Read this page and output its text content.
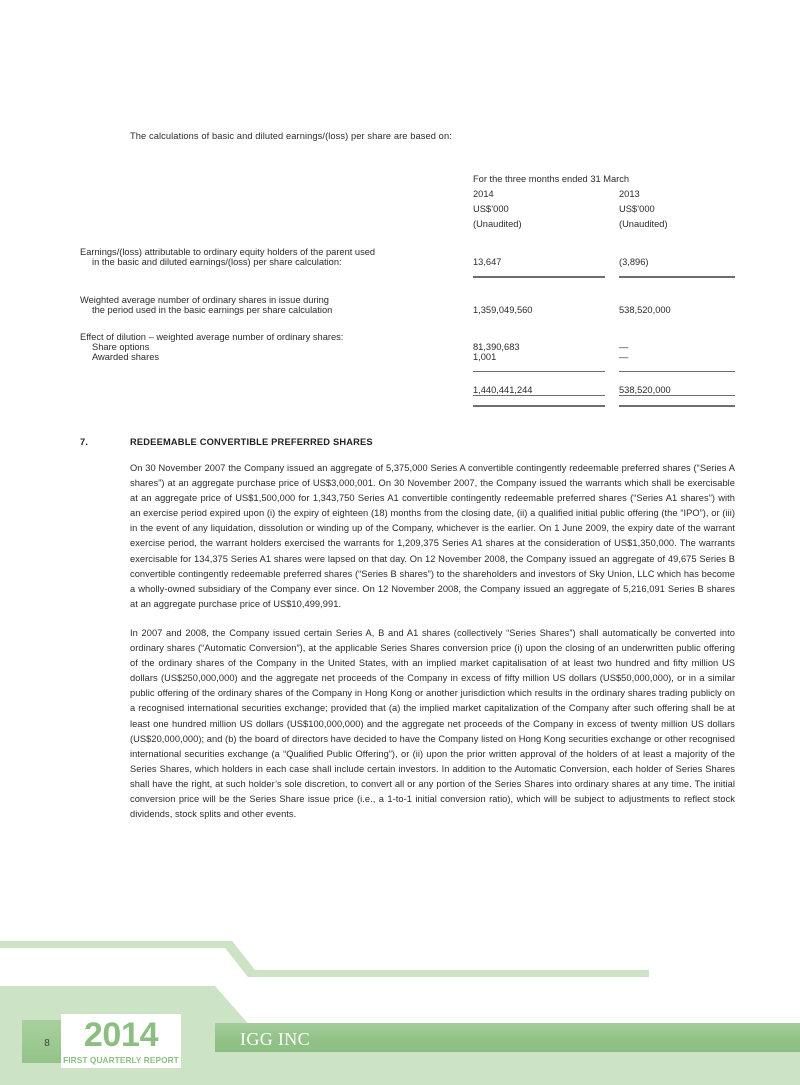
The calculations of basic and diluted earnings/(loss) per share are based on:

	For the three months ended 31 March		
	2014		2013
	US$’000		US$’000
	(Unaudited)		(Unaudited)

Earnings/(loss) attributable to ordinary equity holders of the parent used			
in the basic and diluted earnings/(loss) per share calculation:	13,647		(3,896)

Weighted average number of ordinary shares in issue during			
the period used in the basic earnings per share calculation	1,359,049,560		538,520,000

Effect of dilution – weighted average number of ordinary shares:			
Share options	81,390,683		—
Awarded shares	1,001		—

	1,440,441,244		538,520,000

7.	REDEEMABLE CONVERTIBLE PREFERRED SHARES

On 30 November 2007 the Company issued an aggregate of 5,375,000 Series A convertible contingently redeemable preferred shares (“Series A shares”) at an aggregate purchase price of US$3,000,001. On 30 November 2007, the Company issued the warrants which shall be exercisable at an aggregate price of US$1,500,000 for 1,343,750 Series A1 convertible contingently redeemable preferred shares (“Series A1 shares”) with an exercise period expired upon (i) the expiry of eighteen (18) months from the closing date, (ii) a qualified initial public offering (the “IPO”), or (iii) in the event of any liquidation, dissolution or winding up of the Company, whichever is the earlier. On 1 June 2009, the expiry date of the warrant exercise period, the warrant holders exercised the warrants for 1,209,375 Series A1 shares at the consideration of US$1,350,000. The warrants exercisable for 134,375 Series A1 shares were lapsed on that day. On 12 November 2008, the Company issued an aggregate of 49,675 Series B convertible contingently redeemable preferred shares (“Series B shares”) to the shareholders and investors of Sky Union, LLC which has become a wholly-owned subsidiary of the Company ever since. On 12 November 2008, the Company issued an aggregate of 5,216,091 Series B shares at an aggregate purchase price of US$10,499,991.

In 2007 and 2008, the Company issued certain Series A, B and A1 shares (collectively “Series Shares”) shall automatically be converted into ordinary shares (“Automatic Conversion”), at the applicable Series Shares conversion price (i) upon the closing of an underwritten public offering of the ordinary shares of the Company in the United States, with an implied market capitalisation of at least two hundred and fifty million US dollars (US$250,000,000) and the aggregate net proceeds of the Company in excess of fifty million US dollars (US$50,000,000), or in a similar public offering of the ordinary shares of the Company in Hong Kong or another jurisdiction which results in the ordinary shares trading publicly on a recognised international securities exchange; provided that (a) the implied market capitalization of the Company after such offering shall be at least one hundred million US dollars (US$100,000,000) and the aggregate net proceeds of the Company in excess of twenty million US dollars (US$20,000,000); and (b) the board of directors have decided to have the Company listed on Hong Kong securities exchange or other recognised international securities exchange (a “Qualified Public Offering”), or (ii) upon the prior written approval of the holders of at least a majority of the Series Shares, which holders in each case shall include certain investors. In addition to the Automatic Conversion, each holder of Series Shares shall have the right, at such holder’s sole discretion, to convert all or any portion of the Series Shares into ordinary shares at any time. The initial conversion price will be the Series Share issue price (i.e., a 1-to-1 initial conversion ratio), which will be subject to adjustments to reflect stock dividends, stock splits and other events.

IGG INC
8	2014
FIRST QUARTERLY REPORT
